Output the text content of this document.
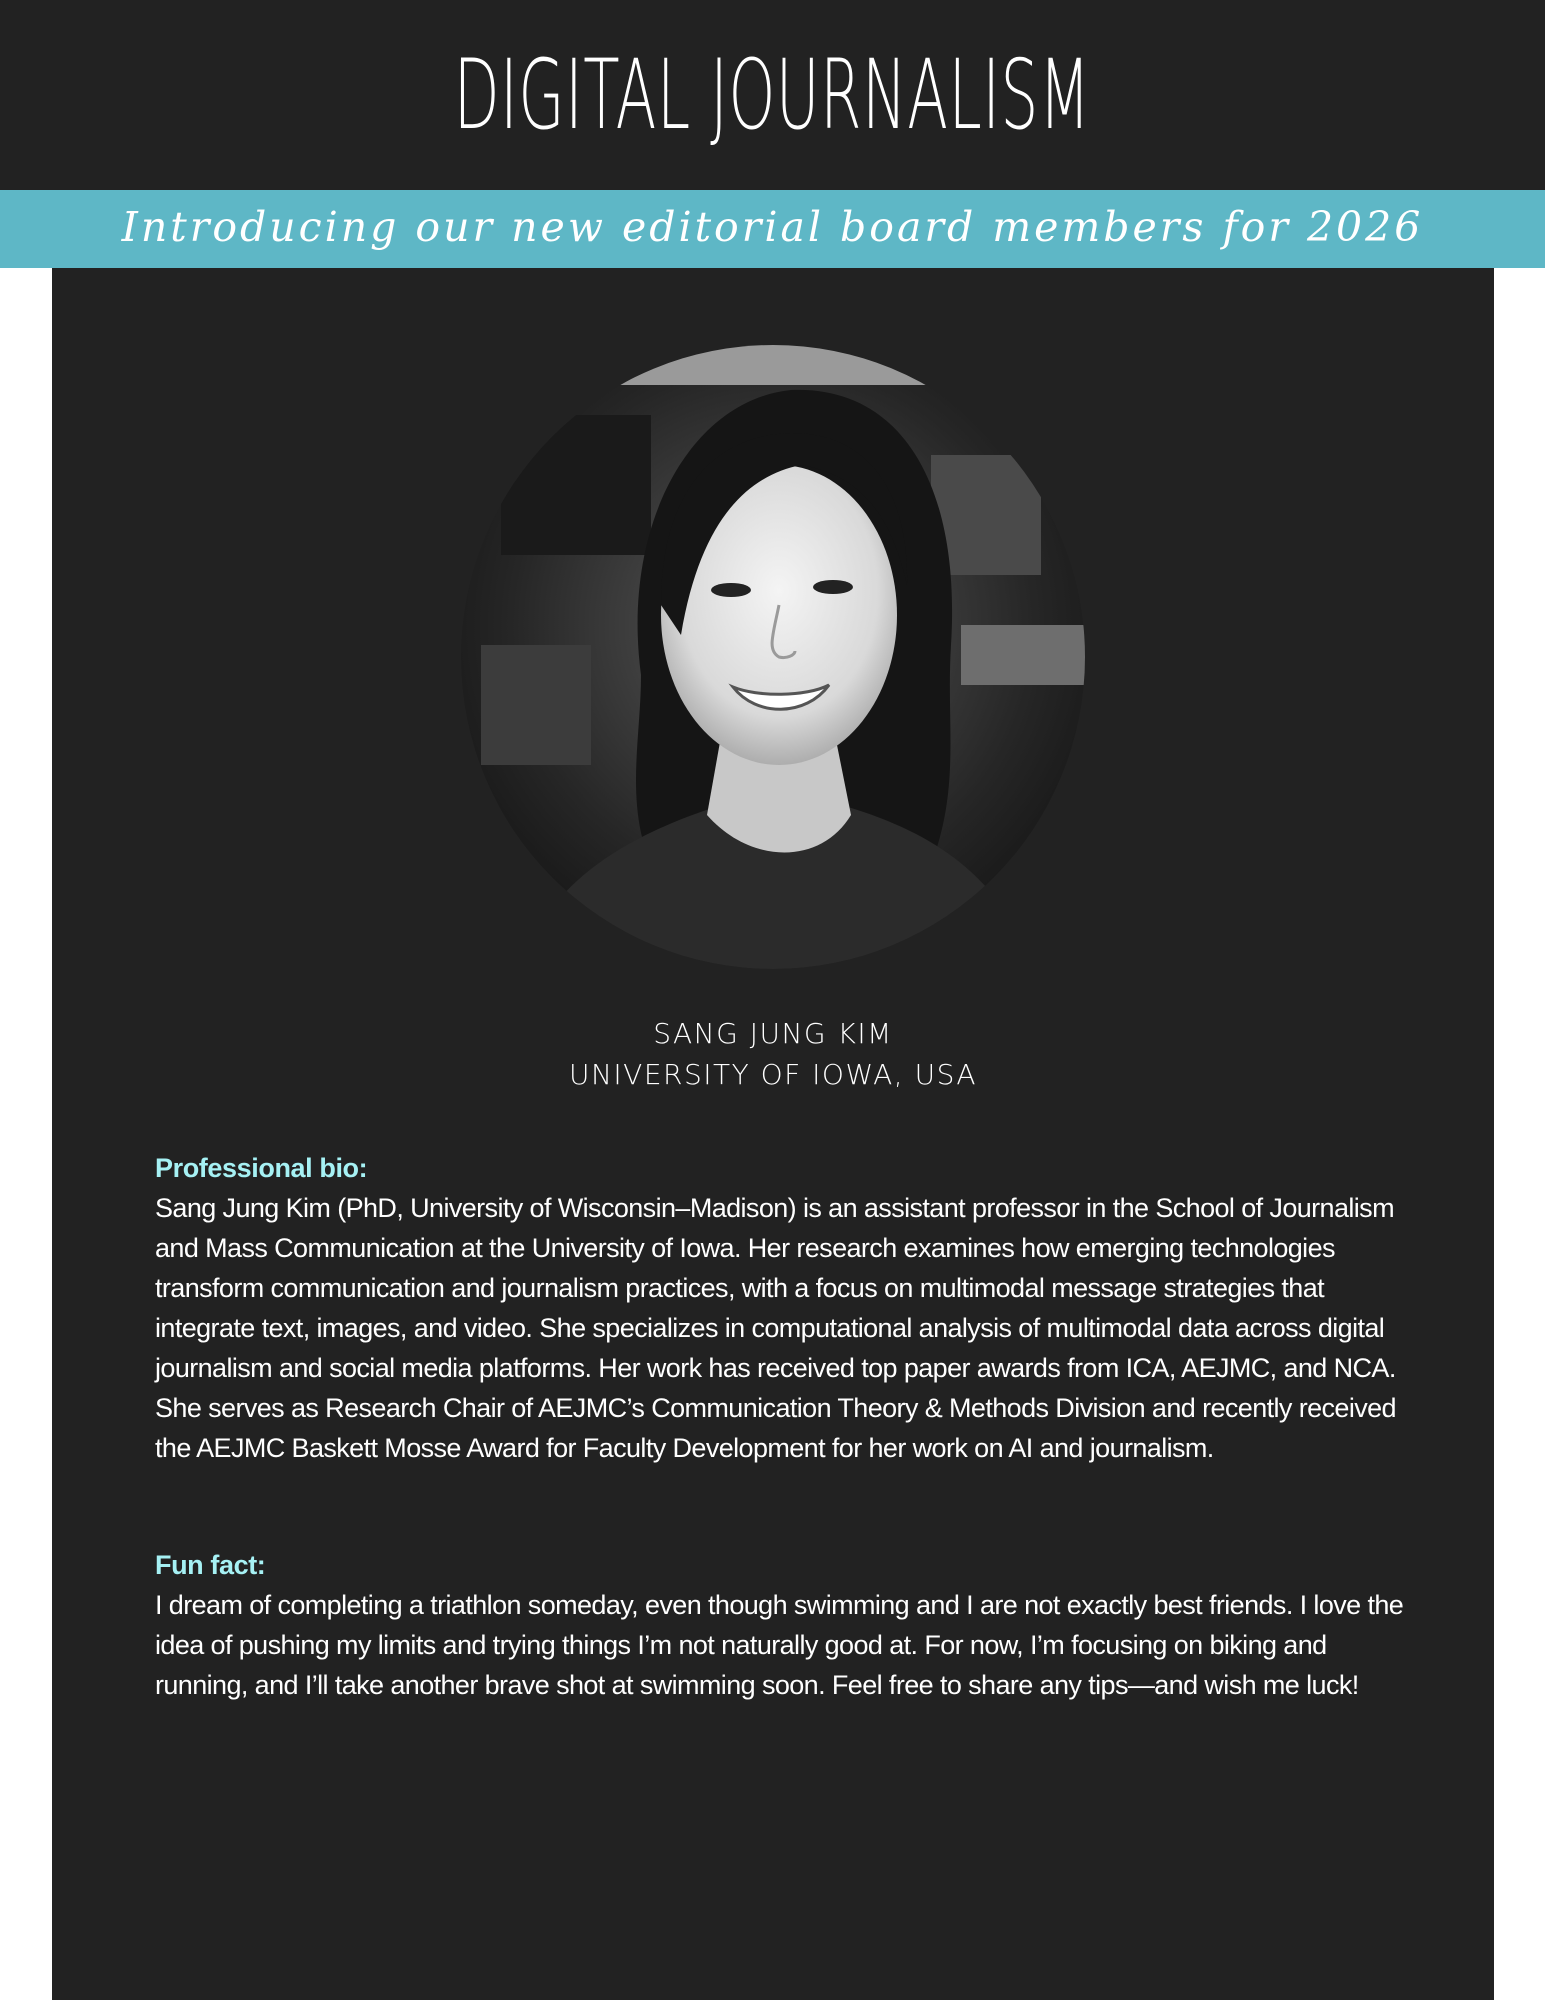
DIGITAL JOURNALISM
Introducing our new editorial board members for 2026
SANG JUNG KIM
UNIVERSITY OF IOWA, USA
Professional bio:

Sang Jung Kim (PhD, University of Wisconsin–Madison) is an assistant professor in the School of Journalism and Mass Communication at the University of Iowa. Her research examines how emerging technologies transform communication and journalism practices, with a focus on multimodal message strategies that integrate text, images, and video. She specializes in computational analysis of multimodal data across digital journalism and social media platforms. Her work has received top paper awards from ICA, AEJMC, and NCA. She serves as Research Chair of AEJMC’s Communication Theory & Methods Division and recently received the AEJMC Baskett Mosse Award for Faculty Development for her work on AI and journalism.

Fun fact:

I dream of completing a triathlon someday, even though swimming and I are not exactly best friends. I love the idea of pushing my limits and trying things I’m not naturally good at. For now, I’m focusing on biking and running, and I’ll take another brave shot at swimming soon. Feel free to share any tips—and wish me luck!
